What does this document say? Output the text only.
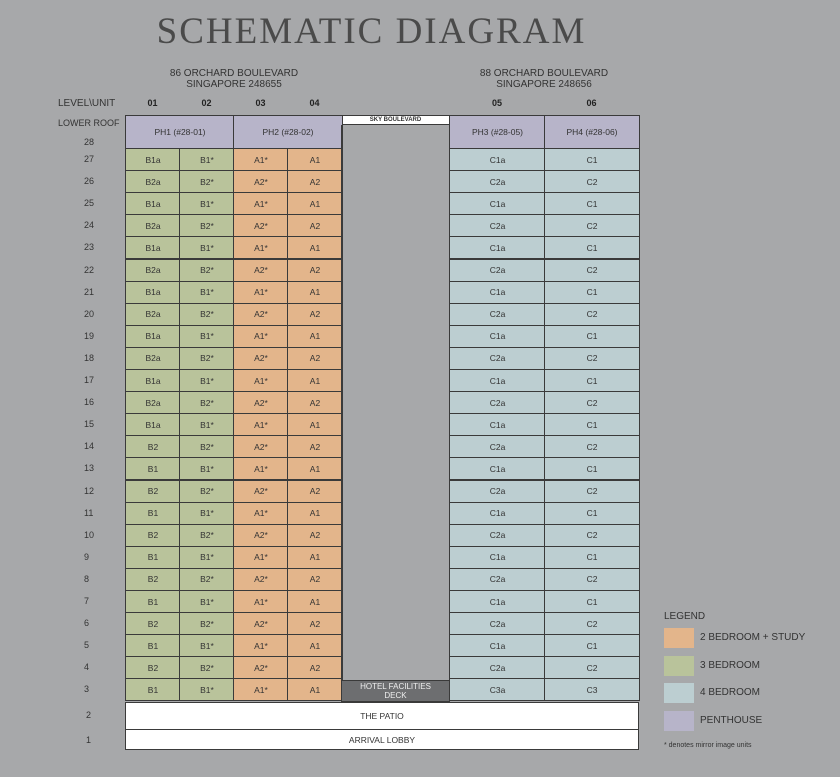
SCHEMATIC DIAGRAM
86 ORCHARD BOULEVARD
SINGAPORE 248655
88 ORCHARD BOULEVARD
SINGAPORE 248656
LEVEL\UNIT	01	02	03	04	05	06
LOWER ROOF
28
SKY BOULEVARD
PH1 (#28-01)	PH2 (#28-02)	PH3 (#28-05)	PH4 (#28-06)
27	B1a	B1*	A1*	A1	C1a	C1
26	B2a	B2*	A2*	A2	C2a	C2
25	B1a	B1*	A1*	A1	C1a	C1
24	B2a	B2*	A2*	A2	C2a	C2
23	B1a	B1*	A1*	A1	C1a	C1
22	B2a	B2*	A2*	A2	C2a	C2
21	B1a	B1*	A1*	A1	C1a	C1
20	B2a	B2*	A2*	A2	C2a	C2
19	B1a	B1*	A1*	A1	C1a	C1
18	B2a	B2*	A2*	A2	C2a	C2
17	B1a	B1*	A1*	A1	C1a	C1
16	B2a	B2*	A2*	A2	C2a	C2
15	B1a	B1*	A1*	A1	C1a	C1
14	B2	B2*	A2*	A2	C2a	C2
13	B1	B1*	A1*	A1	C1a	C1
12	B2	B2*	A2*	A2	C2a	C2
11	B1	B1*	A1*	A1	C1a	C1
10	B2	B2*	A2*	A2	C2a	C2
9	B1	B1*	A1*	A1	C1a	C1
8	B2	B2*	A2*	A2	C2a	C2
7	B1	B1*	A1*	A1	C1a	C1
6	B2	B2*	A2*	A2	C2a	C2
5	B1	B1*	A1*	A1	C1a	C1
4	B2	B2*	A2*	A2	C2a	C2
3	B1	B1*	A1*	A1	C3a	C3
HOTEL FACILITIES
DECK
2	THE PATIO
1	ARRIVAL LOBBY
LEGEND
2 BEDROOM + STUDY
3 BEDROOM
4 BEDROOM
PENTHOUSE
* denotes mirror image units
